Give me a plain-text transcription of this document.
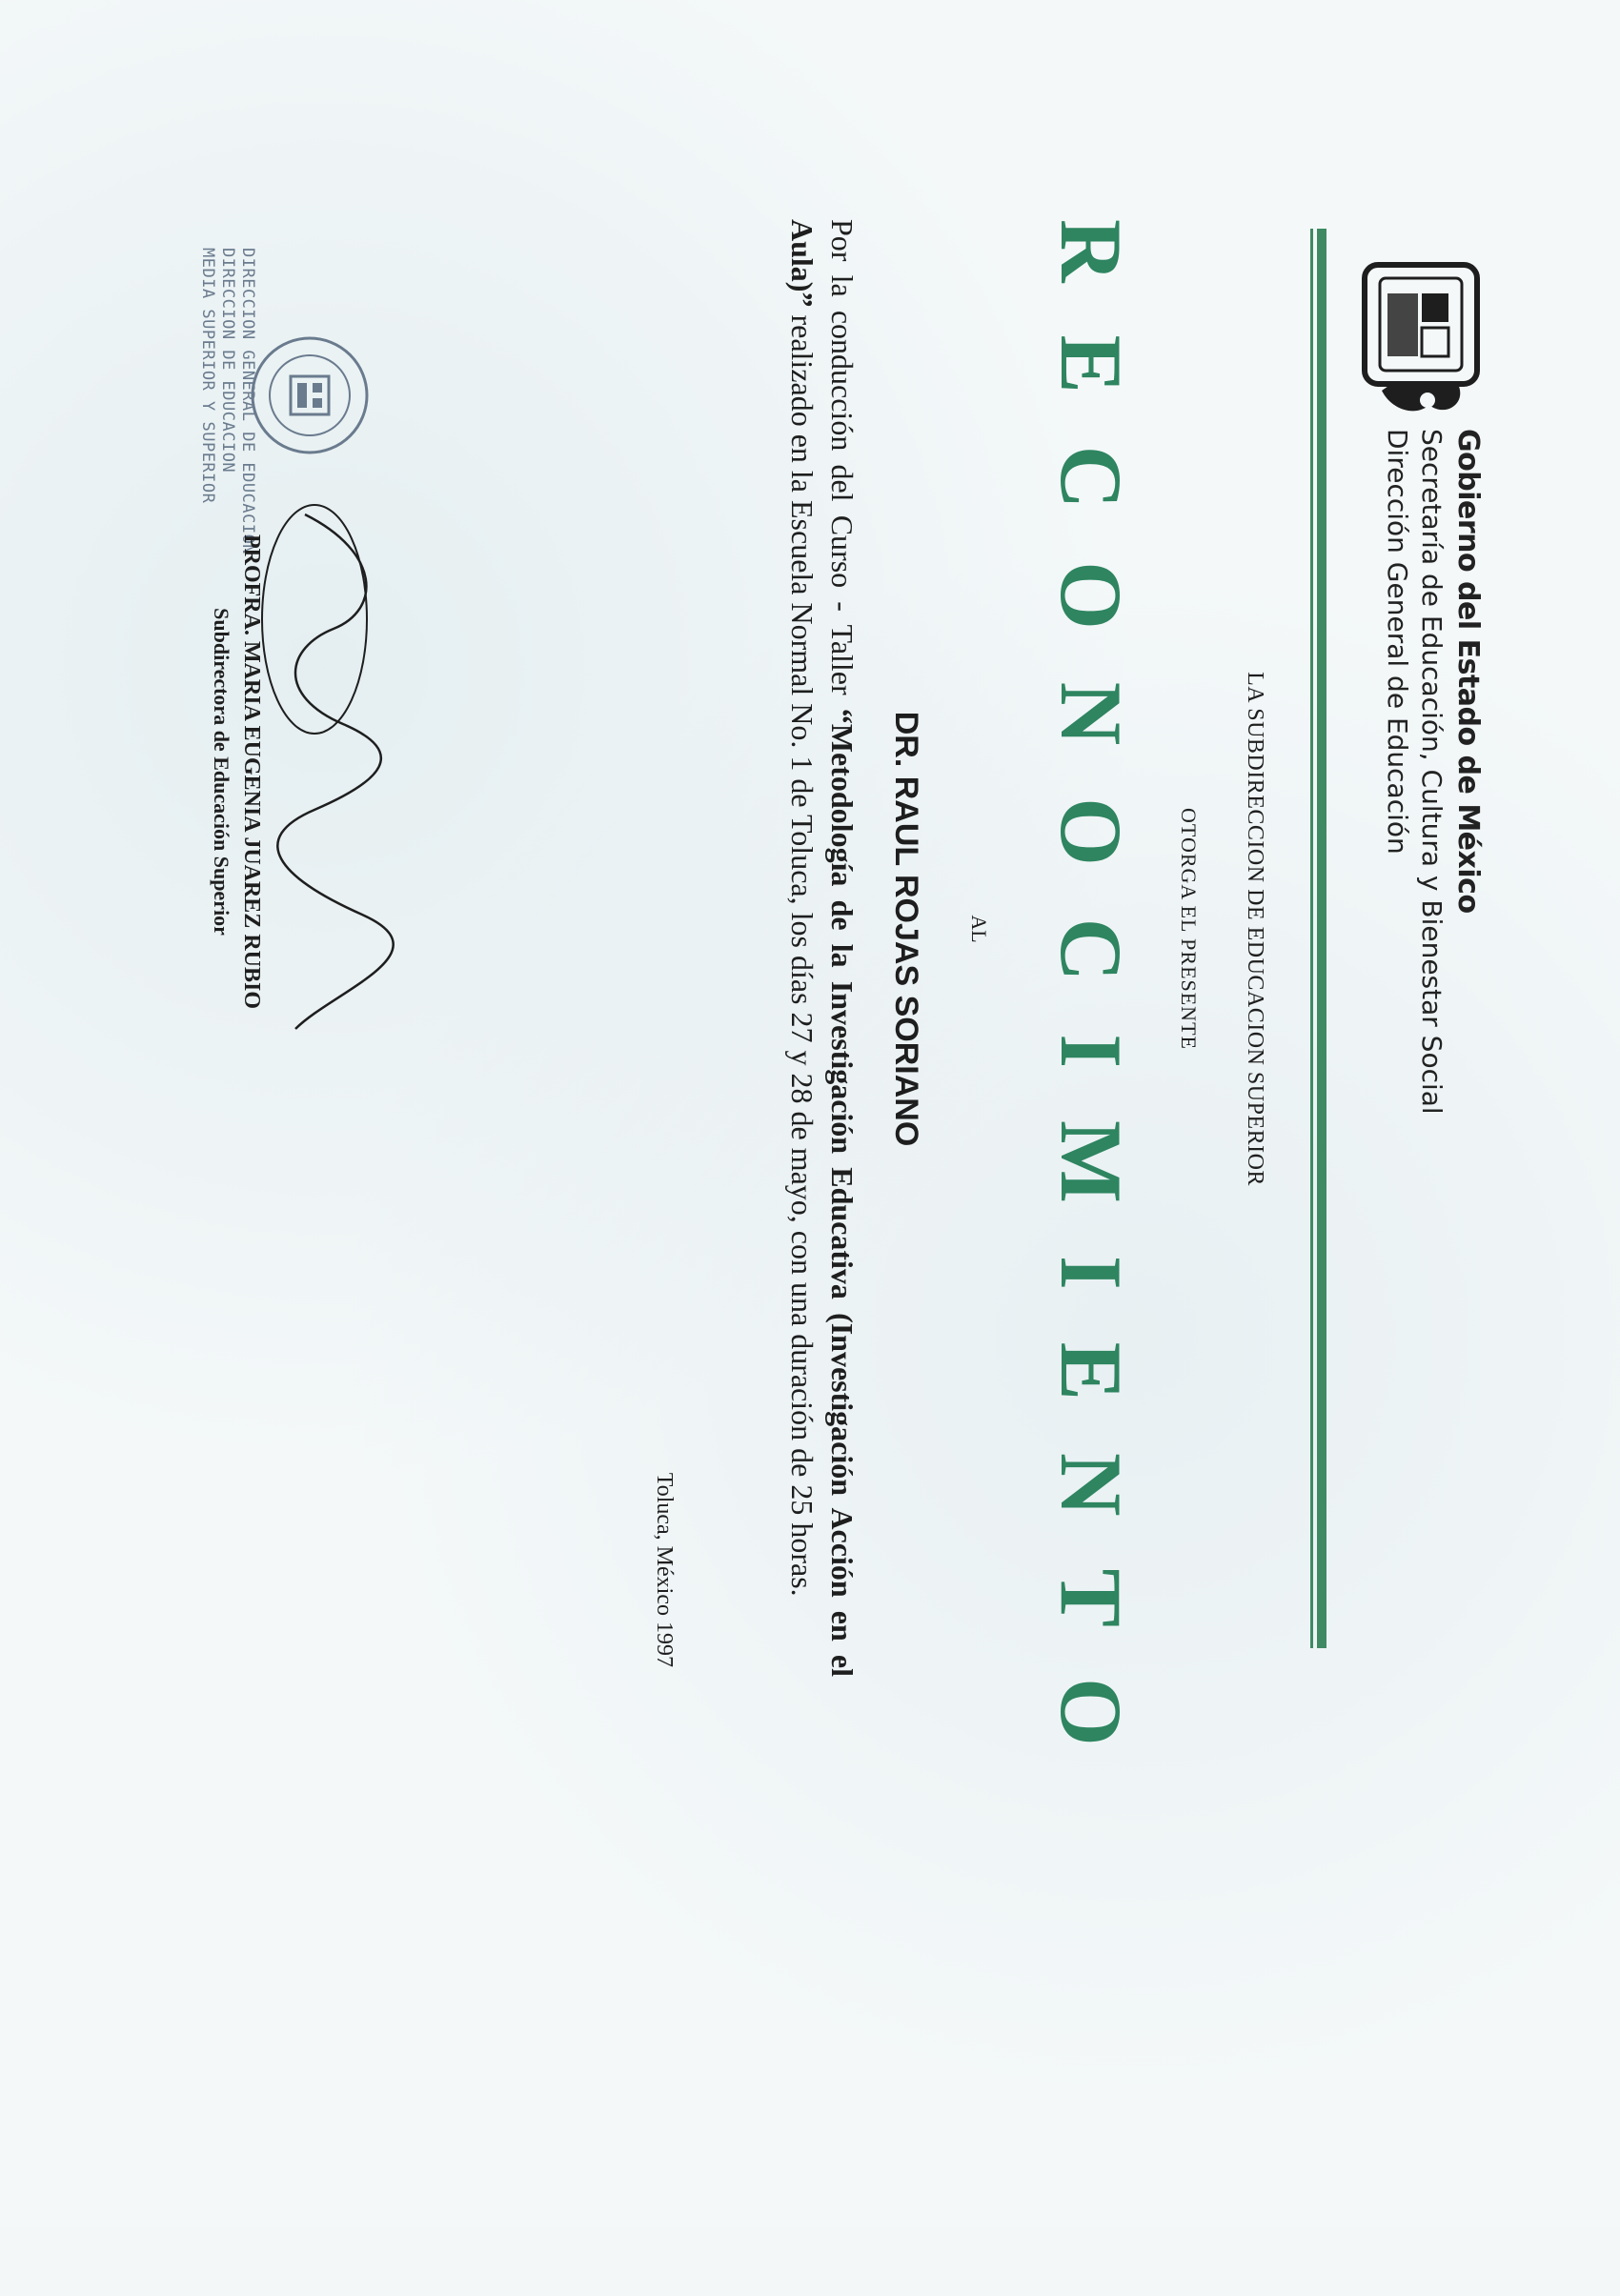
CULTURA
LIBERTAD
Gobierno del Estado de México
Secretaría de Educación, Cultura y Bienestar Social
Dirección General de Educación
LA SUBDIRECCION DE EDUCACION SUPERIOR
OTORGA EL PRESENTE
RECONOCIMIENTO
AL
DR. RAUL ROJAS SORIANO
Por la conducción del Curso - Taller “Metodología de la Investigación Educativa (Investigación Acción en el Aula)” realizado en la Escuela Normal No. 1 de Toluca, los días 27 y 28 de mayo, con una duración de 25 horas.
Toluca, México 1997
DIRECCION GENERAL DE EDUCACION
DIRECCION DE EDUCACION
MEDIA SUPERIOR Y SUPERIOR
PROFRA. MARIA EUGENIA JUAREZ RUBIO
Subdirectora de Educación Superior
